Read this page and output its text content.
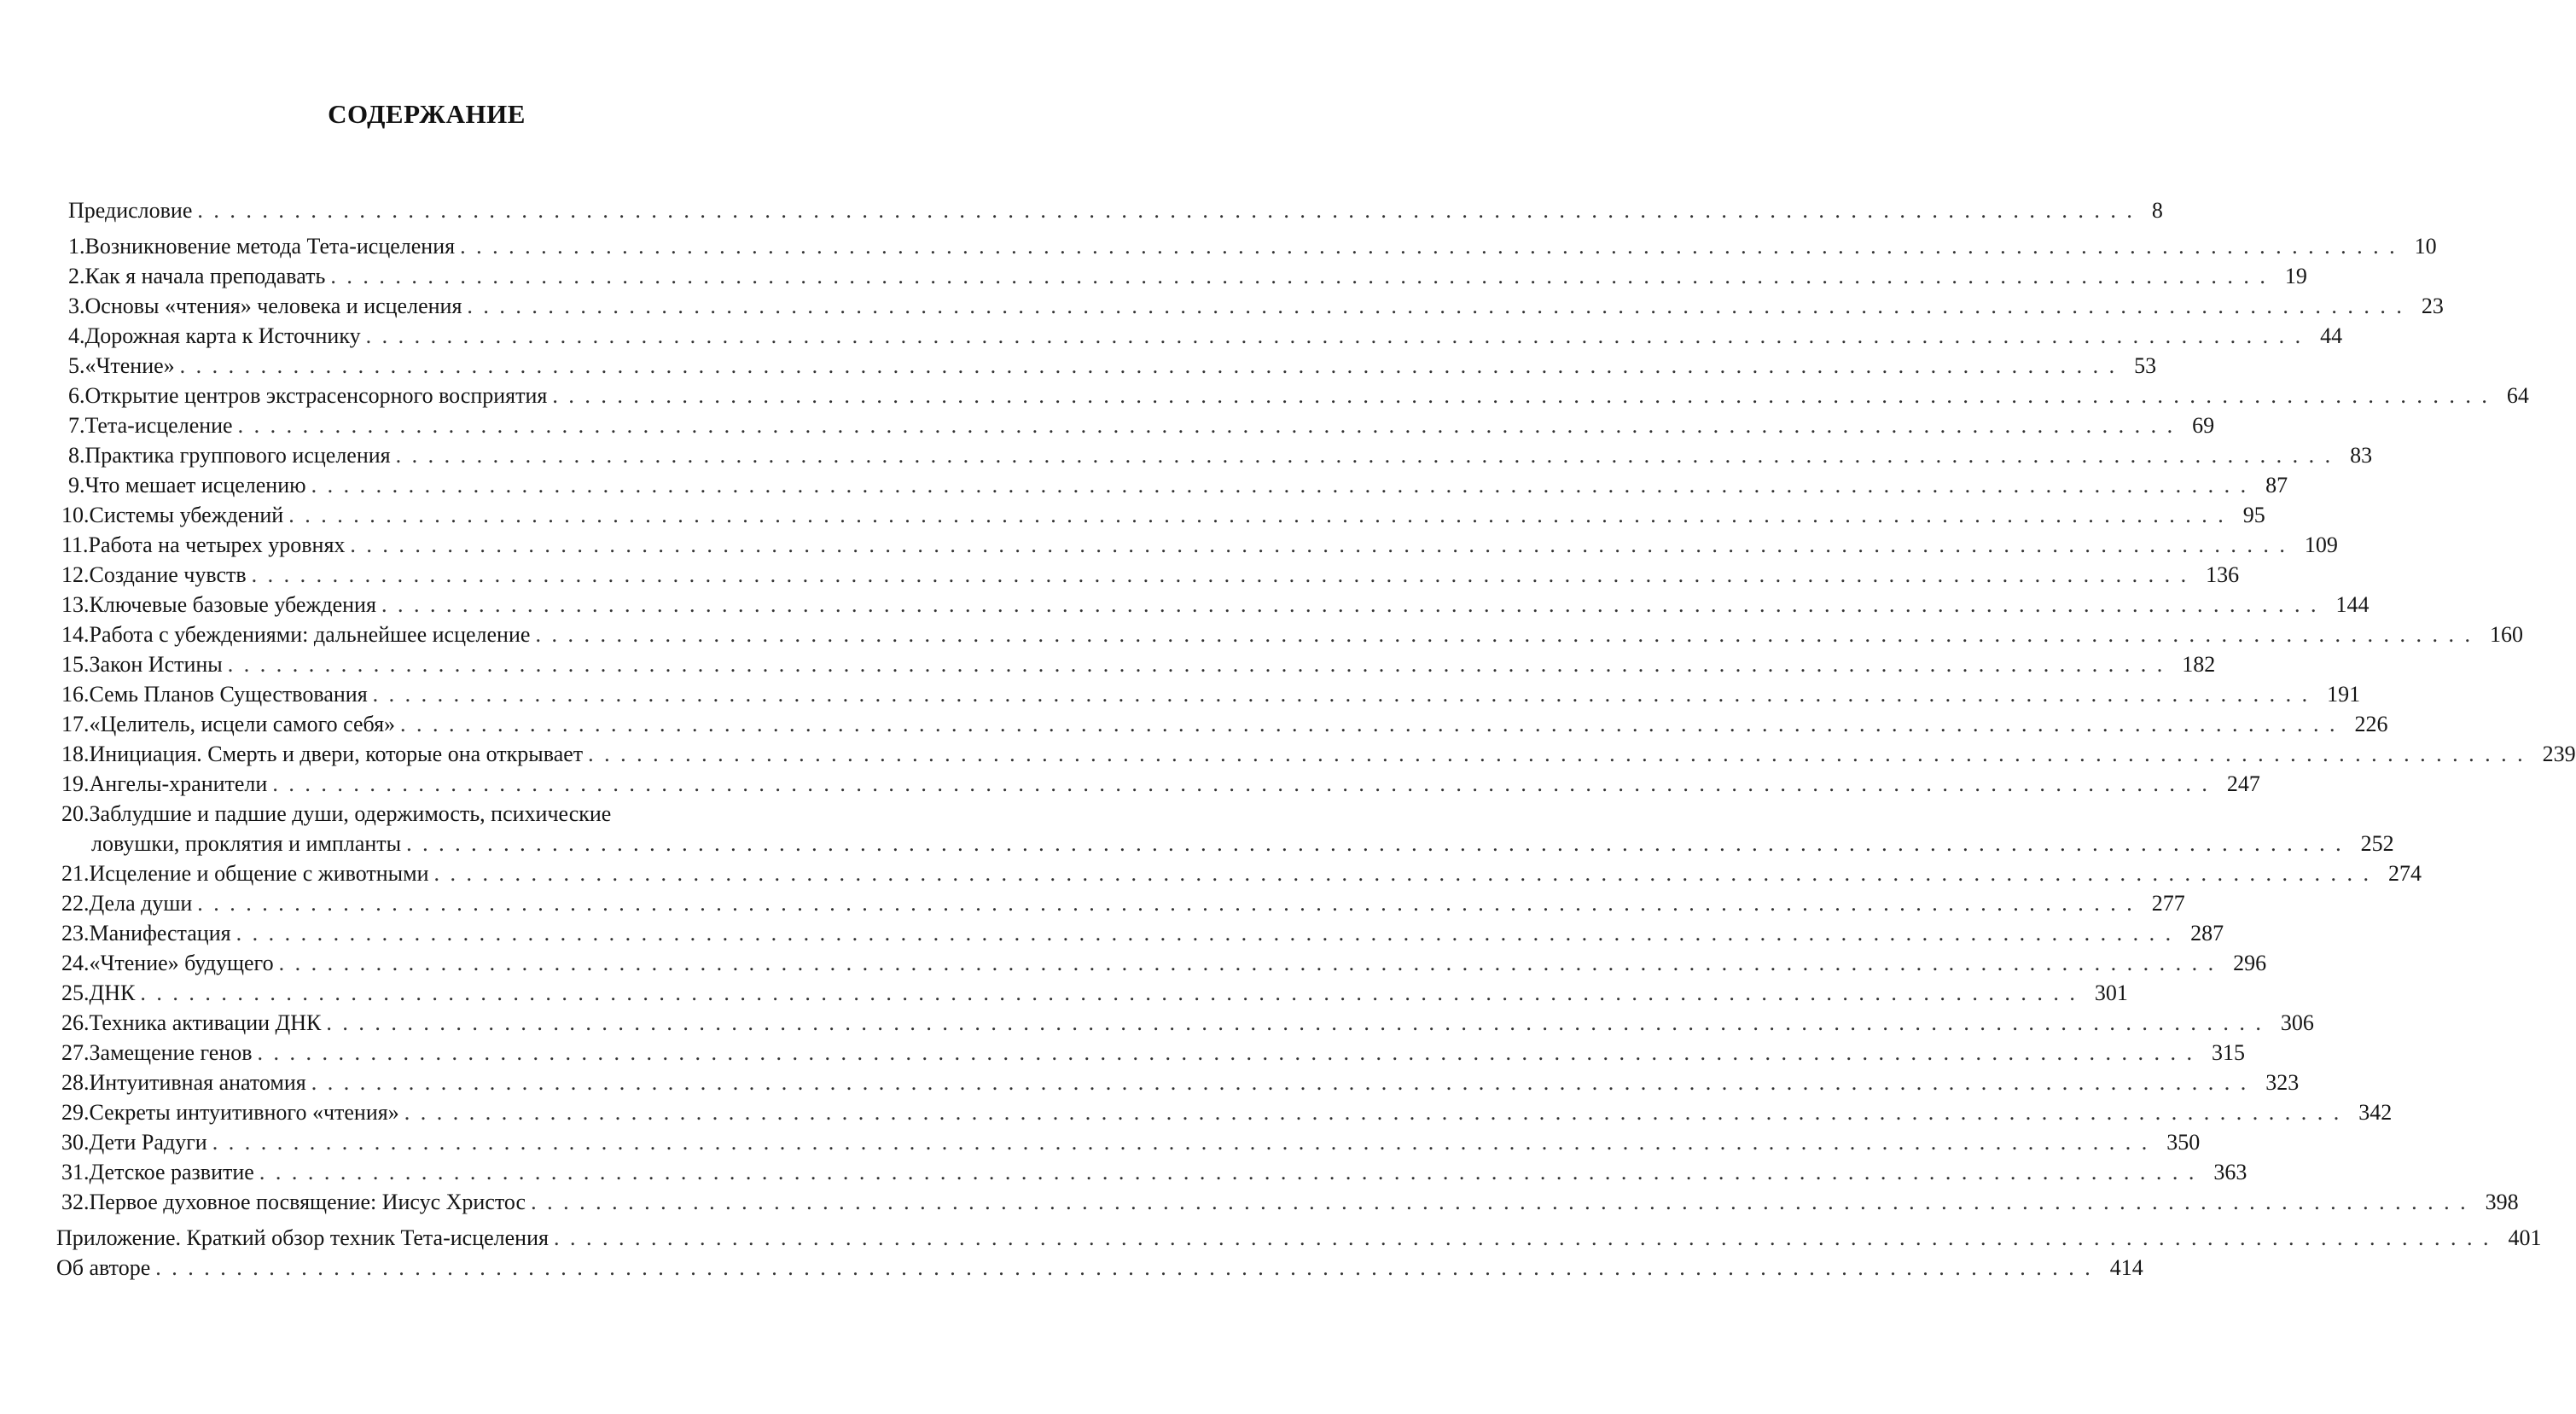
СОДЕРЖАНИЕ
Предисловие . . . . . . . . . . . . . . . . . . . . . . . . . . . . . . . . . . . . . . . . . . . . . . . . . . . . . . . . . . . . . . . . . . . . . . . . . . . . . . . . . . . . . . . . . . . . . . . . . . . . . . . . . . . . . . . . . . . . . . . . 8
1. Возникновение метода Тета-исцеления . . . . . . . . . . . . . . . . . . . . . . . . . . . . . . . . . . . . . . . . . . . . . . . . . . . . . . . . . . . . . . . . . . . . . . . . . . . . . . . . . . . . . . . . . . . . . . . . . . . . . . . . . . . . . . . . . . . . . . . . 10
2. Как я начала преподавать . . . . . . . . . . . . . . . . . . . . . . . . . . . . . . . . . . . . . . . . . . . . . . . . . . . . . . . . . . . . . . . . . . . . . . . . . . . . . . . . . . . . . . . . . . . . . . . . . . . . . . . . . . . . . . . . . . . . . . . . 19
3. Основы «чтения» человека и исцеления . . . . . . . . . . . . . . . . . . . . . . . . . . . . . . . . . . . . . . . . . . . . . . . . . . . . . . . . . . . . . . . . . . . . . . . . . . . . . . . . . . . . . . . . . . . . . . . . . . . . . . . . . . . . . . . . . . . . . . . . 23
4. Дорожная карта к Источнику . . . . . . . . . . . . . . . . . . . . . . . . . . . . . . . . . . . . . . . . . . . . . . . . . . . . . . . . . . . . . . . . . . . . . . . . . . . . . . . . . . . . . . . . . . . . . . . . . . . . . . . . . . . . . . . . . . . . . . . . 44
5. «Чтение» . . . . . . . . . . . . . . . . . . . . . . . . . . . . . . . . . . . . . . . . . . . . . . . . . . . . . . . . . . . . . . . . . . . . . . . . . . . . . . . . . . . . . . . . . . . . . . . . . . . . . . . . . . . . . . . . . . . . . . . . 53
6. Открытие центров экстрасенсорного восприятия . . . . . . . . . . . . . . . . . . . . . . . . . . . . . . . . . . . . . . . . . . . . . . . . . . . . . . . . . . . . . . . . . . . . . . . . . . . . . . . . . . . . . . . . . . . . . . . . . . . . . . . . . . . . . . . . . . . . . . . . 64
7. Тета-исцеление . . . . . . . . . . . . . . . . . . . . . . . . . . . . . . . . . . . . . . . . . . . . . . . . . . . . . . . . . . . . . . . . . . . . . . . . . . . . . . . . . . . . . . . . . . . . . . . . . . . . . . . . . . . . . . . . . . . . . . . . 69
8. Практика группового исцеления . . . . . . . . . . . . . . . . . . . . . . . . . . . . . . . . . . . . . . . . . . . . . . . . . . . . . . . . . . . . . . . . . . . . . . . . . . . . . . . . . . . . . . . . . . . . . . . . . . . . . . . . . . . . . . . . . . . . . . . . 83
9. Что мешает исцелению . . . . . . . . . . . . . . . . . . . . . . . . . . . . . . . . . . . . . . . . . . . . . . . . . . . . . . . . . . . . . . . . . . . . . . . . . . . . . . . . . . . . . . . . . . . . . . . . . . . . . . . . . . . . . . . . . . . . . . . . 87
10. Системы убеждений . . . . . . . . . . . . . . . . . . . . . . . . . . . . . . . . . . . . . . . . . . . . . . . . . . . . . . . . . . . . . . . . . . . . . . . . . . . . . . . . . . . . . . . . . . . . . . . . . . . . . . . . . . . . . . . . . . . . . . . . 95
11. Работа на четырех уровнях . . . . . . . . . . . . . . . . . . . . . . . . . . . . . . . . . . . . . . . . . . . . . . . . . . . . . . . . . . . . . . . . . . . . . . . . . . . . . . . . . . . . . . . . . . . . . . . . . . . . . . . . . . . . . . . . . . . . . . . . 109
12. Создание чувств . . . . . . . . . . . . . . . . . . . . . . . . . . . . . . . . . . . . . . . . . . . . . . . . . . . . . . . . . . . . . . . . . . . . . . . . . . . . . . . . . . . . . . . . . . . . . . . . . . . . . . . . . . . . . . . . . . . . . . . . 136
13. Ключевые базовые убеждения . . . . . . . . . . . . . . . . . . . . . . . . . . . . . . . . . . . . . . . . . . . . . . . . . . . . . . . . . . . . . . . . . . . . . . . . . . . . . . . . . . . . . . . . . . . . . . . . . . . . . . . . . . . . . . . . . . . . . . . . 144
14. Работа с убеждениями: дальнейшее исцеление . . . . . . . . . . . . . . . . . . . . . . . . . . . . . . . . . . . . . . . . . . . . . . . . . . . . . . . . . . . . . . . . . . . . . . . . . . . . . . . . . . . . . . . . . . . . . . . . . . . . . . . . . . . . . . . . . . . . . . . . 160
15. Закон Истины . . . . . . . . . . . . . . . . . . . . . . . . . . . . . . . . . . . . . . . . . . . . . . . . . . . . . . . . . . . . . . . . . . . . . . . . . . . . . . . . . . . . . . . . . . . . . . . . . . . . . . . . . . . . . . . . . . . . . . . . 182
16. Семь Планов Существования . . . . . . . . . . . . . . . . . . . . . . . . . . . . . . . . . . . . . . . . . . . . . . . . . . . . . . . . . . . . . . . . . . . . . . . . . . . . . . . . . . . . . . . . . . . . . . . . . . . . . . . . . . . . . . . . . . . . . . . . 191
17. «Целитель, исцели самого себя» . . . . . . . . . . . . . . . . . . . . . . . . . . . . . . . . . . . . . . . . . . . . . . . . . . . . . . . . . . . . . . . . . . . . . . . . . . . . . . . . . . . . . . . . . . . . . . . . . . . . . . . . . . . . . . . . . . . . . . . . 226
18. Инициация. Смерть и двери, которые она открывает . . . . . . . . . . . . . . . . . . . . . . . . . . . . . . . . . . . . . . . . . . . . . . . . . . . . . . . . . . . . . . . . . . . . . . . . . . . . . . . . . . . . . . . . . . . . . . . . . . . . . . . . . . . . . . . . . . . . . . . . 239
19. Ангелы-хранители . . . . . . . . . . . . . . . . . . . . . . . . . . . . . . . . . . . . . . . . . . . . . . . . . . . . . . . . . . . . . . . . . . . . . . . . . . . . . . . . . . . . . . . . . . . . . . . . . . . . . . . . . . . . . . . . . . . . . . . . 247
20. Заблудшие и падшие души, одержимость, психические
ловушки, проклятия и импланты . . . . . . . . . . . . . . . . . . . . . . . . . . . . . . . . . . . . . . . . . . . . . . . . . . . . . . . . . . . . . . . . . . . . . . . . . . . . . . . . . . . . . . . . . . . . . . . . . . . . . . . . . . . . . . . . . . . . . . . . 252
21. Исцеление и общение с животными . . . . . . . . . . . . . . . . . . . . . . . . . . . . . . . . . . . . . . . . . . . . . . . . . . . . . . . . . . . . . . . . . . . . . . . . . . . . . . . . . . . . . . . . . . . . . . . . . . . . . . . . . . . . . . . . . . . . . . . . 274
22. Дела души . . . . . . . . . . . . . . . . . . . . . . . . . . . . . . . . . . . . . . . . . . . . . . . . . . . . . . . . . . . . . . . . . . . . . . . . . . . . . . . . . . . . . . . . . . . . . . . . . . . . . . . . . . . . . . . . . . . . . . . . 277
23. Манифестация . . . . . . . . . . . . . . . . . . . . . . . . . . . . . . . . . . . . . . . . . . . . . . . . . . . . . . . . . . . . . . . . . . . . . . . . . . . . . . . . . . . . . . . . . . . . . . . . . . . . . . . . . . . . . . . . . . . . . . . . 287
24. «Чтение» будущего . . . . . . . . . . . . . . . . . . . . . . . . . . . . . . . . . . . . . . . . . . . . . . . . . . . . . . . . . . . . . . . . . . . . . . . . . . . . . . . . . . . . . . . . . . . . . . . . . . . . . . . . . . . . . . . . . . . . . . . . 296
25. ДНК . . . . . . . . . . . . . . . . . . . . . . . . . . . . . . . . . . . . . . . . . . . . . . . . . . . . . . . . . . . . . . . . . . . . . . . . . . . . . . . . . . . . . . . . . . . . . . . . . . . . . . . . . . . . . . . . . . . . . . . . 301
26. Техника активации ДНК . . . . . . . . . . . . . . . . . . . . . . . . . . . . . . . . . . . . . . . . . . . . . . . . . . . . . . . . . . . . . . . . . . . . . . . . . . . . . . . . . . . . . . . . . . . . . . . . . . . . . . . . . . . . . . . . . . . . . . . . 306
27. Замещение генов . . . . . . . . . . . . . . . . . . . . . . . . . . . . . . . . . . . . . . . . . . . . . . . . . . . . . . . . . . . . . . . . . . . . . . . . . . . . . . . . . . . . . . . . . . . . . . . . . . . . . . . . . . . . . . . . . . . . . . . . 315
28. Интуитивная анатомия . . . . . . . . . . . . . . . . . . . . . . . . . . . . . . . . . . . . . . . . . . . . . . . . . . . . . . . . . . . . . . . . . . . . . . . . . . . . . . . . . . . . . . . . . . . . . . . . . . . . . . . . . . . . . . . . . . . . . . . . 323
29. Секреты интуитивного «чтения» . . . . . . . . . . . . . . . . . . . . . . . . . . . . . . . . . . . . . . . . . . . . . . . . . . . . . . . . . . . . . . . . . . . . . . . . . . . . . . . . . . . . . . . . . . . . . . . . . . . . . . . . . . . . . . . . . . . . . . . . 342
30. Дети Радуги . . . . . . . . . . . . . . . . . . . . . . . . . . . . . . . . . . . . . . . . . . . . . . . . . . . . . . . . . . . . . . . . . . . . . . . . . . . . . . . . . . . . . . . . . . . . . . . . . . . . . . . . . . . . . . . . . . . . . . . . 350
31. Детское развитие . . . . . . . . . . . . . . . . . . . . . . . . . . . . . . . . . . . . . . . . . . . . . . . . . . . . . . . . . . . . . . . . . . . . . . . . . . . . . . . . . . . . . . . . . . . . . . . . . . . . . . . . . . . . . . . . . . . . . . . . 363
32. Первое духовное посвящение: Иисус Христос . . . . . . . . . . . . . . . . . . . . . . . . . . . . . . . . . . . . . . . . . . . . . . . . . . . . . . . . . . . . . . . . . . . . . . . . . . . . . . . . . . . . . . . . . . . . . . . . . . . . . . . . . . . . . . . . . . . . . . . . 398
Приложение. Краткий обзор техник Тета-исцеления . . . . . . . . . . . . . . . . . . . . . . . . . . . . . . . . . . . . . . . . . . . . . . . . . . . . . . . . . . . . . . . . . . . . . . . . . . . . . . . . . . . . . . . . . . . . . . . . . . . . . . . . . . . . . . . . . . . . . . . . 401
Об авторе . . . . . . . . . . . . . . . . . . . . . . . . . . . . . . . . . . . . . . . . . . . . . . . . . . . . . . . . . . . . . . . . . . . . . . . . . . . . . . . . . . . . . . . . . . . . . . . . . . . . . . . . . . . . . . . . . . . . . . . . 414
